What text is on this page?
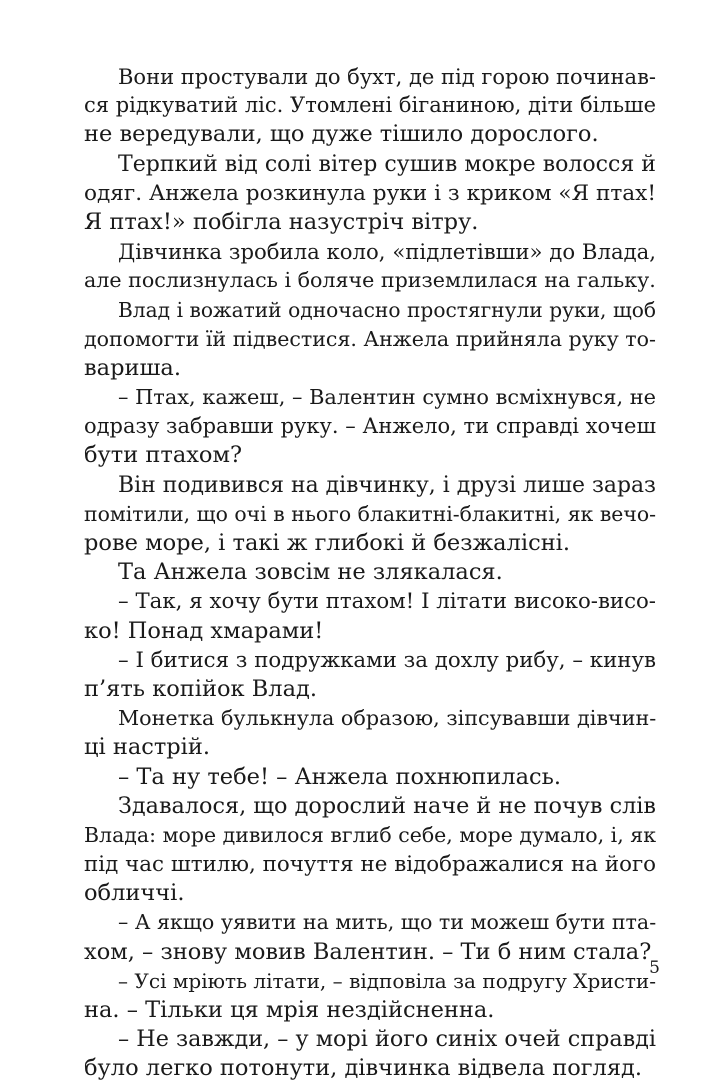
Вони простували до бухт, де під горою починав-
ся рідкуватий ліс. Утомлені біганиною, діти більше
не вередували, що дуже тішило дорослого.
Терпкий від солі вітер сушив мокре волосся й
одяг. Анжела розкинула руки і з криком «Я птах!
Я птах!» побігла назустріч вітру.
Дівчинка зробила коло, «підлетівши» до Влада,
але послизнулась і боляче приземлилася на гальку.
Влад і вожатий одночасно простягнули руки, щоб
допомогти їй підвестися. Анжела прийняла руку то-
вариша.
– Птах, кажеш, – Валентин сумно всміхнувся, не
одразу забравши руку. – Анжело, ти справді хочеш
бути птахом?
Він подивився на дівчинку, і друзі лише зараз
помітили, що очі в нього блакитні-блакитні, як вечо-
рове море, і такі ж глибокі й безжалісні.
Та Анжела зовсім не злякалася.
– Так, я хочу бути птахом! І літати високо-висо-
ко! Понад хмарами!
– І битися з подружками за дохлу рибу, – кинув
п’ять копійок Влад.
Монетка булькнула образою, зіпсувавши дівчин-
ці настрій.
– Та ну тебе! – Анжела похнюпилась.
Здавалося, що дорослий наче й не почув слів
Влада: море дивилося вглиб себе, море думало, і, як
під час штилю, почуття не відображалися на його
обличчі.
– А якщо уявити на мить, що ти можеш бути пта-
хом, – знову мовив Валентин. – Ти б ним стала?
– Усі мріють літати, – відповіла за подругу Христи-
на. – Тільки ця мрія нездійсненна.
– Не завжди, – у морі його синіх очей справді
було легко потонути, дівчинка відвела погляд.
5
